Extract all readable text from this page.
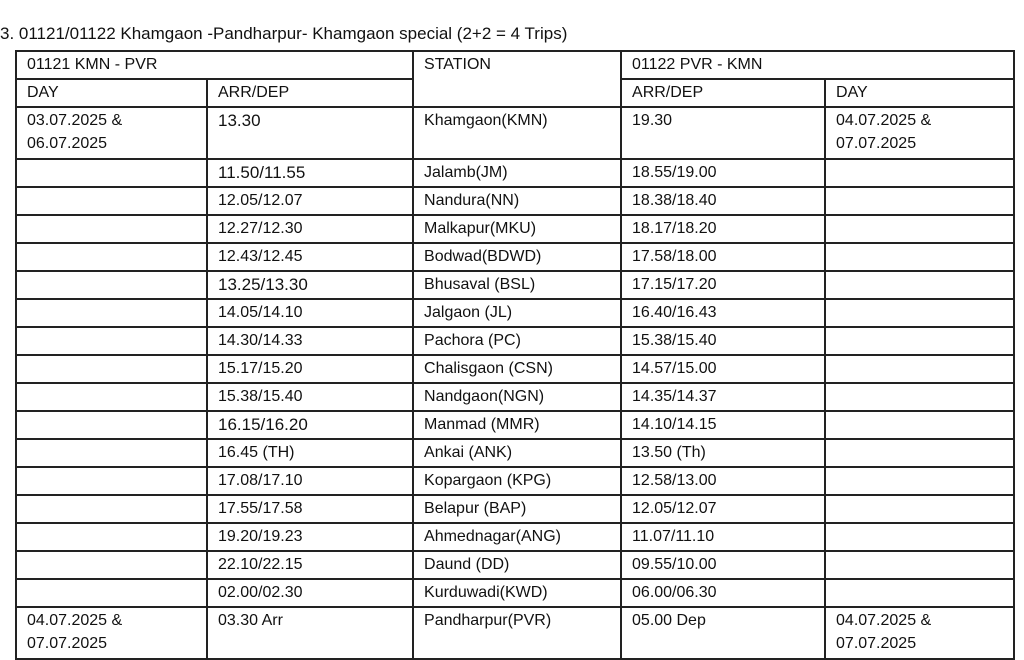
3. 01121/01122 Khamgaon -Pandharpur- Khamgaon special (2+2 = 4 Trips)
01121 KMN - PVR		STATION	01122 PVR - KMN	
DAY	ARR/DEP		ARR/DEP	DAY
03.07.2025 &
06.07.2025	13.30	Khamgaon(KMN)	19.30	04.07.2025 &
07.07.2025
	11.50/11.55	Jalamb(JM)	18.55/19.00	
	12.05/12.07	Nandura(NN)	18.38/18.40	
	12.27/12.30	Malkapur(MKU)	18.17/18.20	
	12.43/12.45	Bodwad(BDWD)	17.58/18.00	
	13.25/13.30	Bhusaval (BSL)	17.15/17.20	
	14.05/14.10	Jalgaon (JL)	16.40/16.43	
	14.30/14.33	Pachora (PC)	15.38/15.40	
	15.17/15.20	Chalisgaon (CSN)	14.57/15.00	
	15.38/15.40	Nandgaon(NGN)	14.35/14.37	
	16.15/16.20	Manmad (MMR)	14.10/14.15	
	16.45 (TH)	Ankai (ANK)	13.50 (Th)	
	17.08/17.10	Kopargaon (KPG)	12.58/13.00	
	17.55/17.58	Belapur (BAP)	12.05/12.07	
	19.20/19.23	Ahmednagar(ANG)	11.07/11.10	
	22.10/22.15	Daund (DD)	09.55/10.00	
	02.00/02.30	Kurduwadi(KWD)	06.00/06.30	
04.07.2025 &
07.07.2025	03.30 Arr	Pandharpur(PVR)	05.00 Dep	04.07.2025 &
07.07.2025
